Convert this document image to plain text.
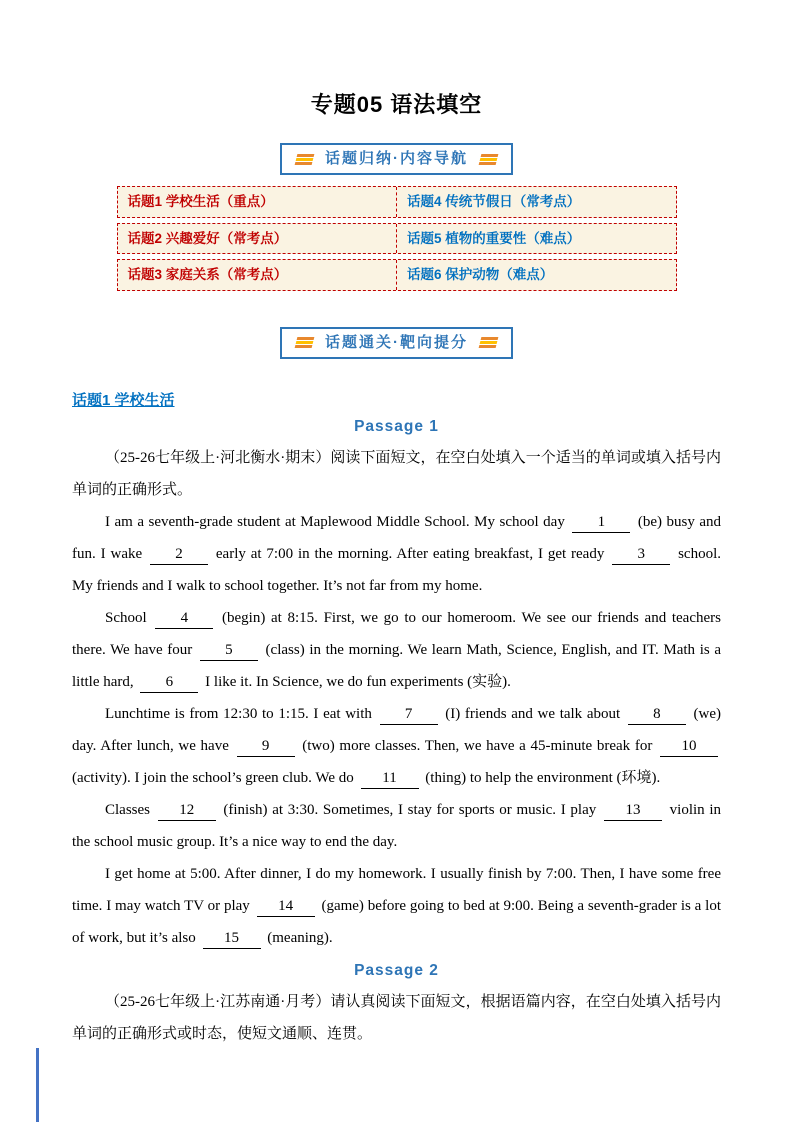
专题05 语法填空
话题归纳·内容导航
话题1 学校生活（重点）	话题4 传统节假日（常考点）
话题2 兴趣爱好（常考点）	话题5 植物的重要性（难点）
话题3 家庭关系（常考点）	话题6 保护动物（难点）
话题通关·靶向提分
话题1 学校生活
Passage 1

（25-26七年级上·河北衡水·期末）阅读下面短文，在空白处填入一个适当的单词或填入括号内单词的正确形式。

I am a seventh-grade student at Maplewood Middle School. My school day 1 (be) busy and fun. I wake 2 early at 7:00 in the morning. After eating breakfast, I get ready 3 school. My friends and I walk to school together. It’s not far from my home.

School 4 (begin) at 8:15. First, we go to our homeroom. We see our friends and teachers there. We have four 5 (class) in the morning. We learn Math, Science, English, and IT. Math is a little hard, 6 I like it. In Science, we do fun experiments (实验).

Lunchtime is from 12:30 to 1:15. I eat with 7 (I) friends and we talk about 8 (we) day. After lunch, we have 9 (two) more classes. Then, we have a 45-minute break for 10 (activity). I join the school’s green club. We do 11 (thing) to help the environment (环境).

Classes 12 (finish) at 3:30. Sometimes, I stay for sports or music. I play 13 violin in the school music group. It’s a nice way to end the day.

I get home at 5:00. After dinner, I do my homework. I usually finish by 7:00. Then, I have some free time. I may watch TV or play 14 (game) before going to bed at 9:00. Being a seventh-grader is a lot of work, but it’s also 15 (meaning).

Passage 2

（25-26七年级上·江苏南通·月考）请认真阅读下面短文，根据语篇内容，在空白处填入括号内单词的正确形式或时态，使短文通顺、连贯。
